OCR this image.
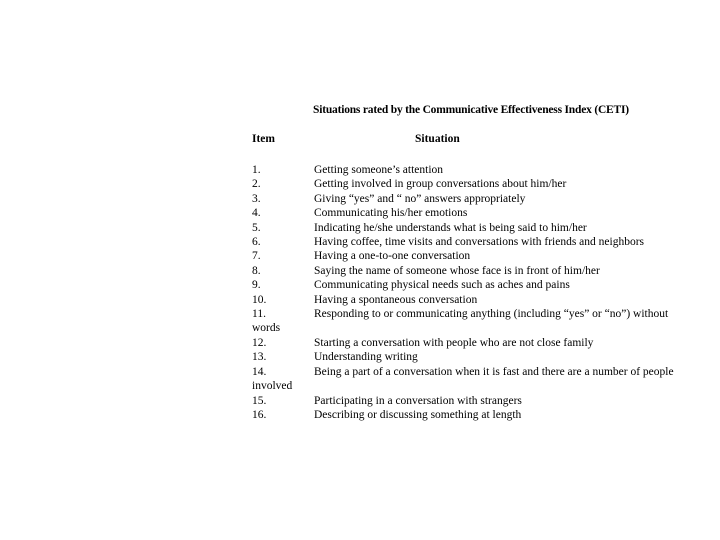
Situations rated by the Communicative Effectiveness Index (CETI)
Item	Situation
1.	Getting someone’s attention
2.	Getting involved in group conversations about him/her
3.	Giving “yes” and “ no” answers appropriately
4.	Communicating his/her emotions
5.	Indicating he/she understands what is being said to him/her
6.	Having coffee, time visits and conversations with friends and neighbors
7.	Having a one-to-one conversation
8.	Saying the name of someone whose face is in front of him/her
9.	Communicating physical needs such as aches and pains
10.	Having a spontaneous conversation
11.	Responding to or communicating anything (including “yes” or “no”) without
words
12.	Starting a conversation with people who are not close family
13.	Understanding writing
14.	Being a part of a conversation when it is fast and there are a number of people
involved
15.	Participating in a conversation with strangers
16.	Describing or discussing something at length
